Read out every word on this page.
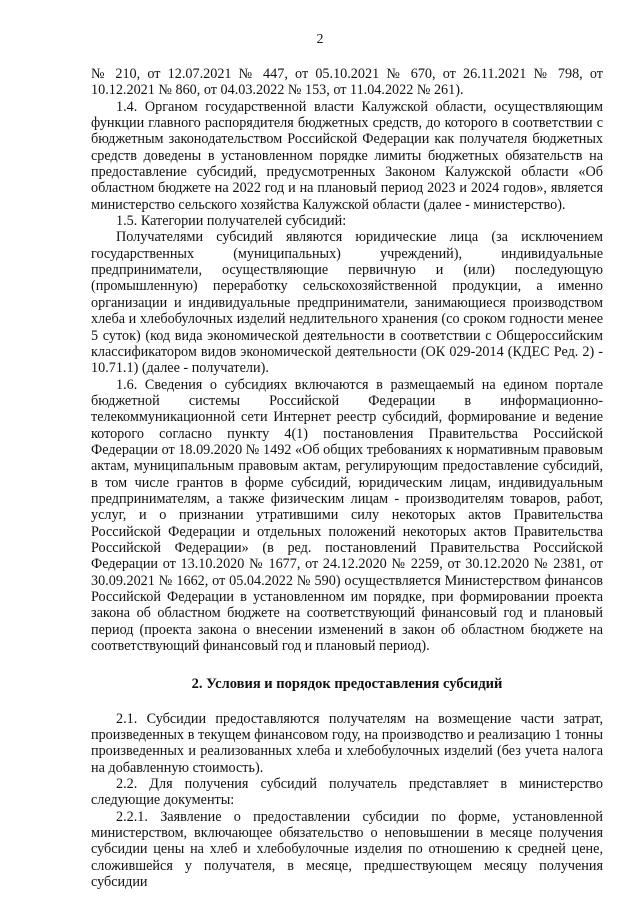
2

№ 210, от 12.07.2021 № 447, от 05.10.2021 № 670, от 26.11.2021 № 798, от 10.12.2021 № 860, от 04.03.2022 № 153, от 11.04.2022 № 261).

1.4. Органом государственной власти Калужской области, осуществляющим функции главного распорядителя бюджетных средств, до которого в соответствии с бюджетным законодательством Российской Федерации как получателя бюджетных средств доведены в установленном порядке лимиты бюджетных обязательств на предоставление субсидий, предусмотренных Законом Калужской области «Об областном бюджете на 2022 год и на плановый период 2023 и 2024 годов», является министерство сельского хозяйства Калужской области (далее - министерство).

1.5. Категории получателей субсидий:

Получателями субсидий являются юридические лица (за исключением государственных (муниципальных) учреждений), индивидуальные предприниматели, осуществляющие первичную и (или) последующую (промышленную) переработку сельскохозяйственной продукции, а именно организации и индивидуальные предприниматели, занимающиеся производством хлеба и хлебобулочных изделий недлительного хранения (со сроком годности менее 5 суток) (код вида экономической деятельности в соответствии с Общероссийским классификатором видов экономической деятельности (ОК 029-2014 (КДЕС Ред. 2) - 10.71.1) (далее - получатели).

1.6. Сведения о субсидиях включаются в размещаемый на едином портале бюджетной системы Российской Федерации в информационно-телекоммуникационной сети Интернет реестр субсидий, формирование и ведение которого согласно пункту 4(1) постановления Правительства Российской Федерации от 18.09.2020 № 1492 «Об общих требованиях к нормативным правовым актам, муниципальным правовым актам, регулирующим предоставление субсидий, в том числе грантов в форме субсидий, юридическим лицам, индивидуальным предпринимателям, а также физическим лицам - производителям товаров, работ, услуг, и о признании утратившими силу некоторых актов Правительства Российской Федерации и отдельных положений некоторых актов Правительства Российской Федерации» (в ред. постановлений Правительства Российской Федерации от 13.10.2020 № 1677, от 24.12.2020 № 2259, от 30.12.2020 № 2381, от 30.09.2021 № 1662, от 05.04.2022 № 590) осуществляется Министерством финансов Российской Федерации в установленном им порядке, при формировании проекта закона об областном бюджете на соответствующий финансовый год и плановый период (проекта закона о внесении изменений в закон об областном бюджете на соответствующий финансовый год и плановый период).

2. Условия и порядок предоставления субсидий

2.1. Субсидии предоставляются получателям на возмещение части затрат, произведенных в текущем финансовом году, на производство и реализацию 1 тонны произведенных и реализованных хлеба и хлебобулочных изделий (без учета налога на добавленную стоимость).

2.2. Для получения субсидий получатель представляет в министерство следующие документы:

2.2.1. Заявление о предоставлении субсидии по форме, установленной министерством, включающее обязательство о неповышении в месяце получения субсидии цены на хлеб и хлебобулочные изделия по отношению к средней цене, сложившейся у получателя, в месяце, предшествующем месяцу получения субсидии
